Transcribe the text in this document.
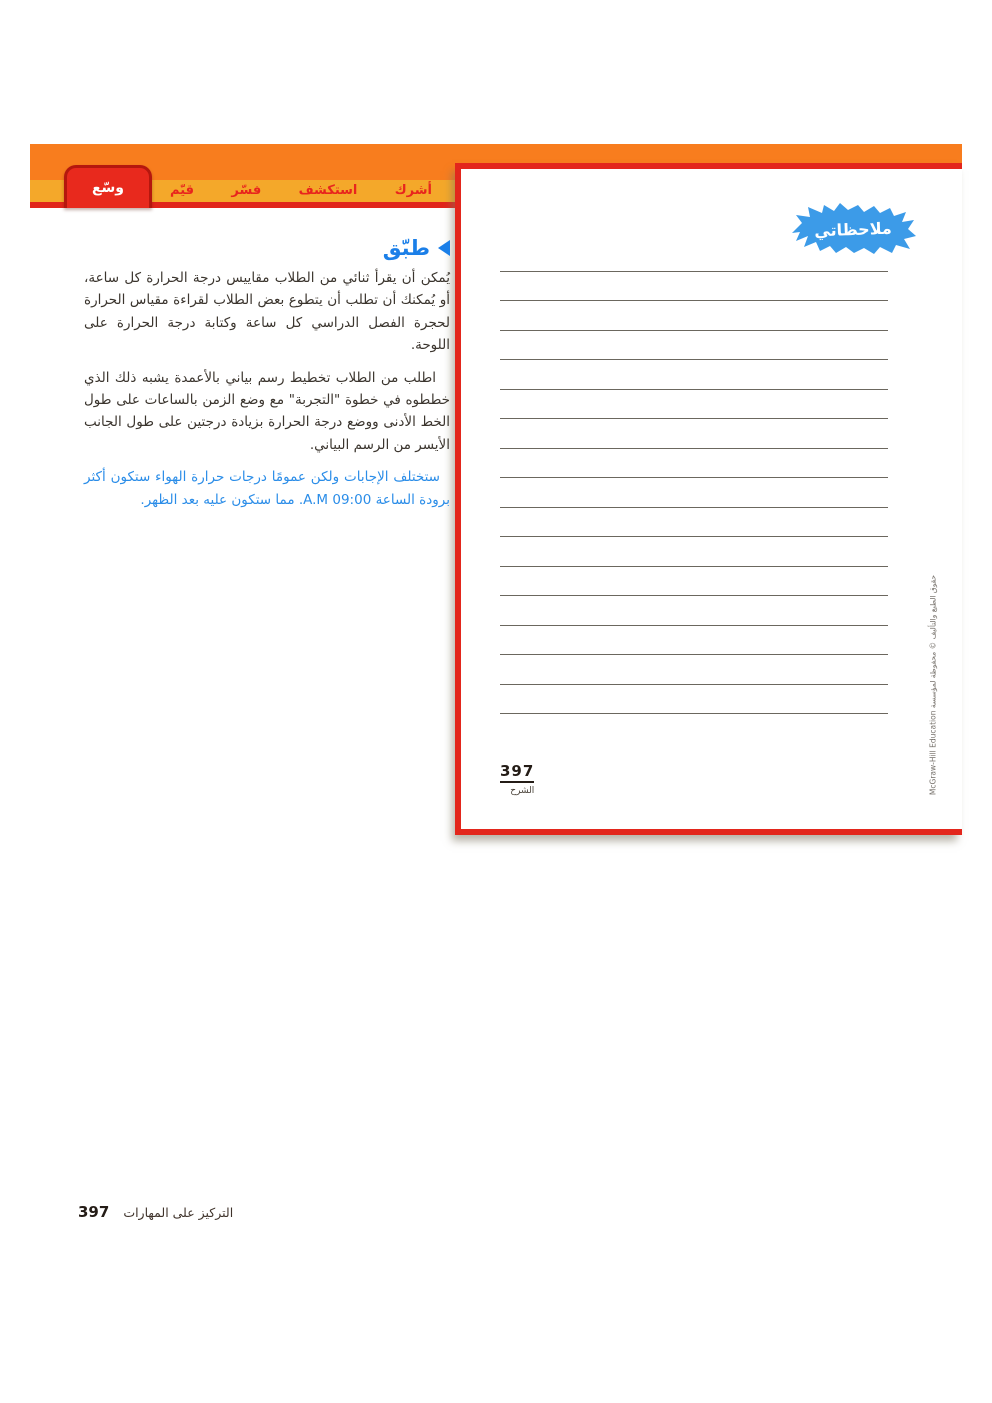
أشرك
استكشف
فسّر
قيّم
وسّع
ملاحظاتي
397
الشرح	حقوق الطبع والتأليف © محفوظة لمؤسسة McGraw-Hill Education
طبّق

يُمكن أن يقرأ ثنائي من الطلاب مقاييس درجة الحرارة كل ساعة، أو يُمكنك أن تطلب أن يتطوع بعض الطلاب لقراءة مقياس الحرارة لحجرة الفصل الدراسي كل ساعة وكتابة درجة الحرارة على اللوحة.

اطلب من الطلاب تخطيط رسم بياني بالأعمدة يشبه ذلك الذي خططوه في خطوة "التجربة" مع وضع الزمن بالساعات على طول الخط الأدنى ووضع درجة الحرارة بزيادة درجتين على طول الجانب الأيسر من الرسم البياني.

ستختلف الإجابات ولكن عمومًا درجات حرارة الهواء ستكون أكثر برودة الساعة 09:00 A.M. مما ستكون عليه بعد الظهر.

397 التركيز على المهارات
